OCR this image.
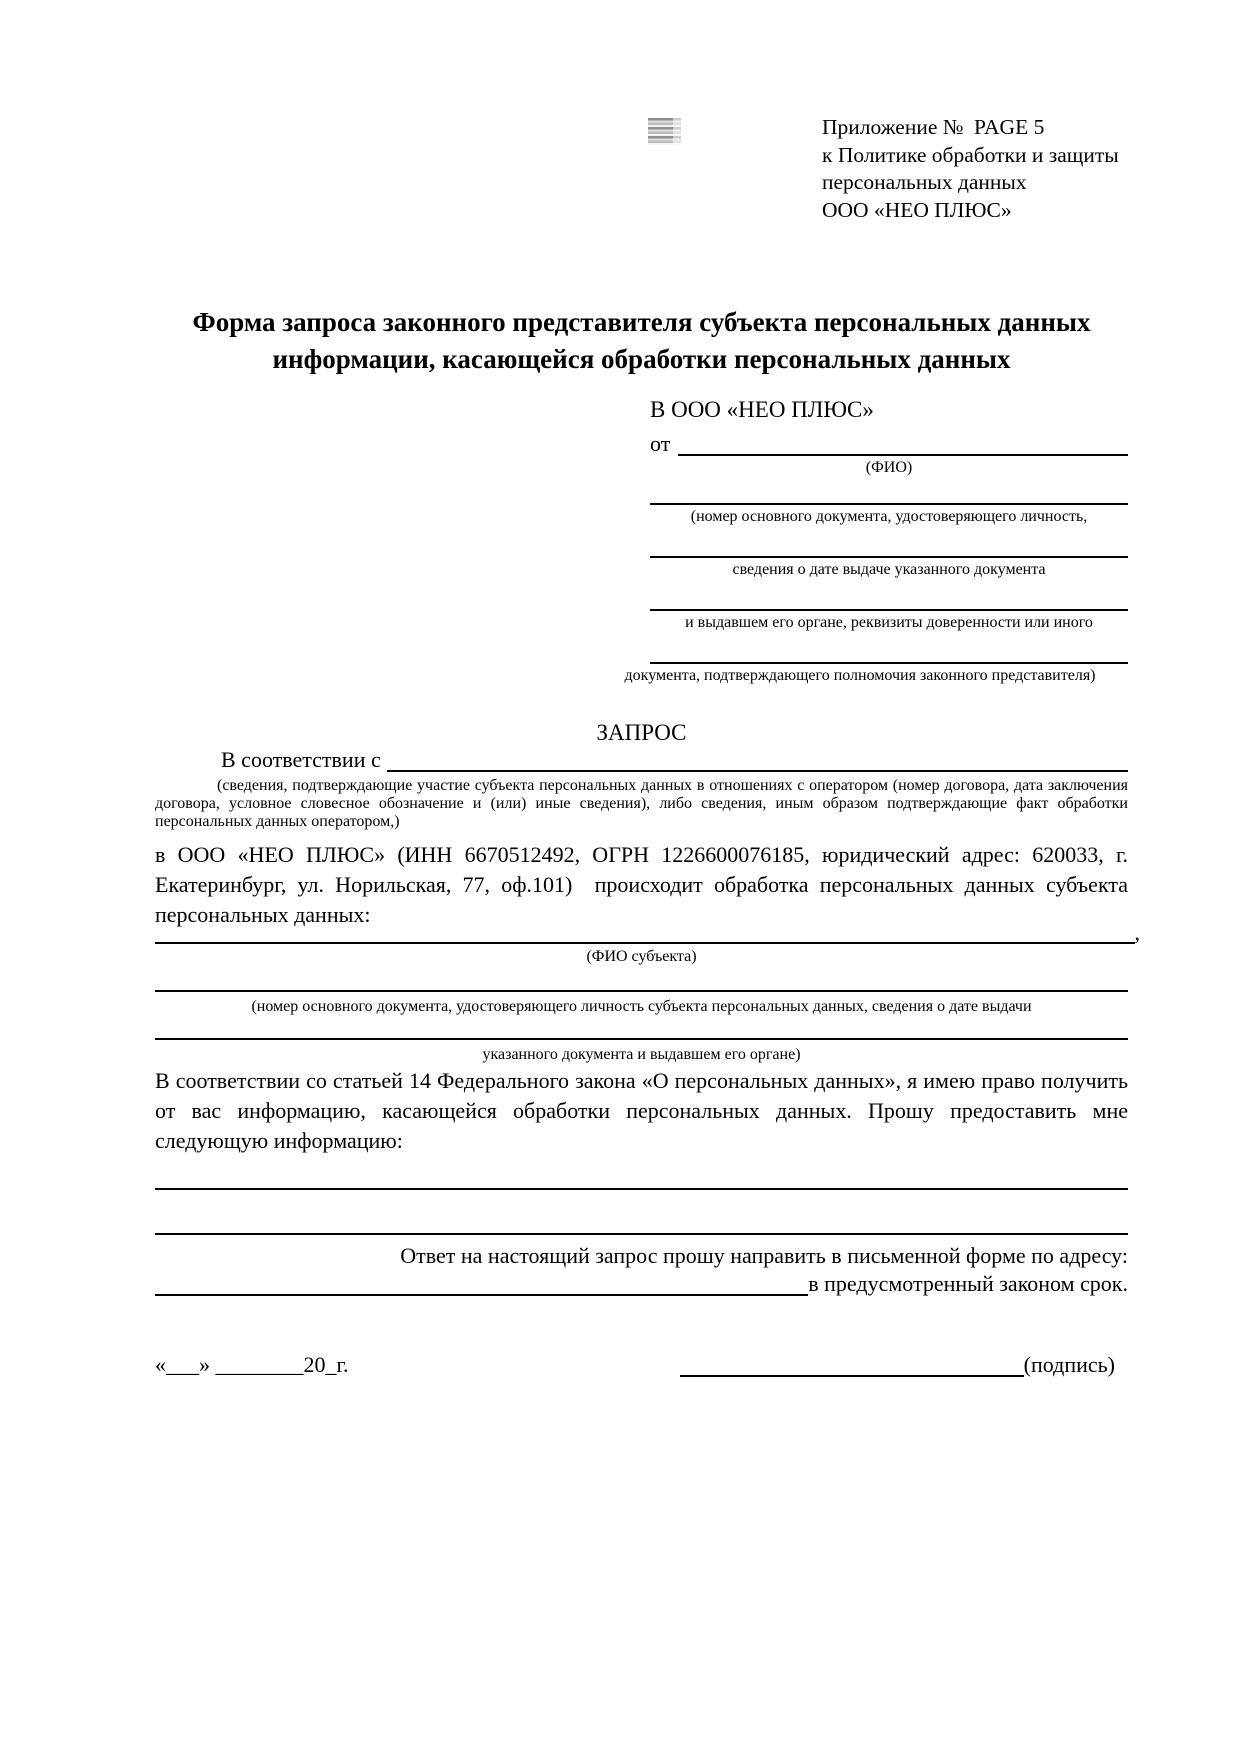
Приложение №  PAGE 5
к Политике обработки и защиты
персональных данных
ООО «НЕО ПЛЮС»
Форма запроса законного представителя субъекта персональных данных
информации, касающейся обработки персональных данных
В ООО «НЕО ПЛЮС»
от
(ФИО)
(номер основного документа, удостоверяющего личность,
сведения о дате выдаче указанного документа
и выдавшем его органе, реквизиты доверенности или иного
документа, подтверждающего полномочия законного представителя)
ЗАПРОС
В соответствии с
(сведения, подтверждающие участие субъекта персональных данных в отношениях с оператором (номер договора, дата заключения договора, условное словесное обозначение и (или) иные сведения), либо сведения, иным образом подтверждающие факт обработки персональных данных оператором,)
в ООО «НЕО ПЛЮС» (ИНН 6670512492, ОГРН 1226600076185, юридический адрес: 620033, г. Екатеринбург, ул. Норильская, 77, оф.101)  происходит обработка персональных данных субъекта персональных данных:
,
(ФИО субъекта)
(номер основного документа, удостоверяющего личность субъекта персональных данных, сведения о дате выдачи
указанного документа и выдавшем его органе)
В соответствии со статьей 14 Федерального закона «О персональных данных», я имею право получить от вас информацию, касающейся обработки персональных данных. Прошу предоставить мне следующую информацию:
Ответ на настоящий запрос прошу направить в письменной форме по адресу:
в предусмотренный законом срок.
«___» ________20_г.	(подпись)
